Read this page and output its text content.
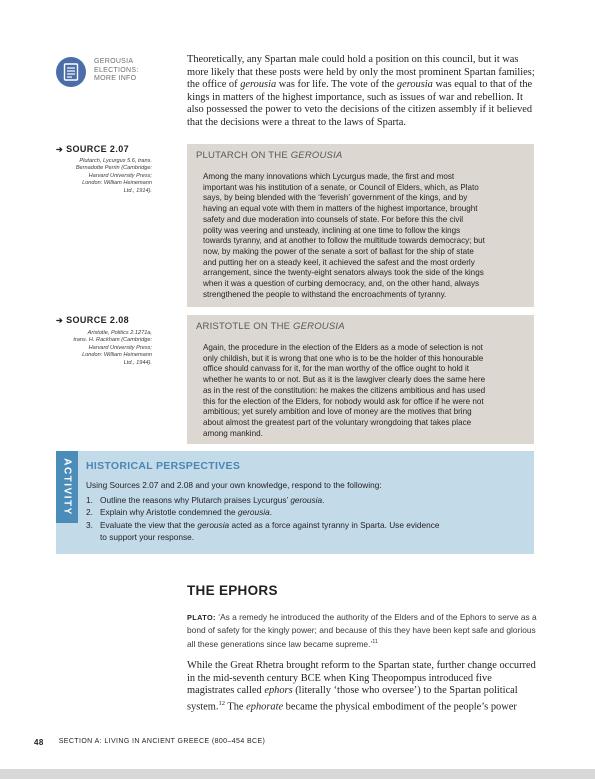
GEROUSIA
ELECTIONS:
MORE INFO
Theoretically, any Spartan male could hold a position on this council, but it was more likely that these posts were held by only the most prominent Spartan families; the office of gerousia was for life. The vote of the gerousia was equal to that of the kings in matters of the highest importance, such as issues of war and rebellion. It also possessed the power to veto the decisions of the citizen assembly if it believed that the decisions were a threat to the laws of Sparta.
➔ SOURCE 2.07
Plutarch, Lycurgus 5.6, trans.
Bernadotte Perrin (Cambridge:
Harvard University Press;
London: William Heinemann
Ltd., 1914).
PLUTARCH ON THE GEROUSIA
Among the many innovations which Lycurgus made, the first and most
important was his institution of a senate, or Council of Elders, which, as Plato
says, by being blended with the ‘feverish’ government of the kings, and by
having an equal vote with them in matters of the highest importance, brought
safety and due moderation into counsels of state. For before this the civil
polity was veering and unsteady, inclining at one time to follow the kings
towards tyranny, and at another to follow the multitude towards democracy; but
now, by making the power of the senate a sort of ballast for the ship of state
and putting her on a steady keel, it achieved the safest and the most orderly
arrangement, since the twenty-eight senators always took the side of the kings
when it was a question of curbing democracy, and, on the other hand, always
strengthened the people to withstand the encroachments of tyranny.
➔ SOURCE 2.08
Aristotle, Politics 2.1271a,
trans. H. Rackham (Cambridge:
Harvard University Press;
London: William Heinemann
Ltd., 1944).
ARISTOTLE ON THE GEROUSIA
Again, the procedure in the election of the Elders as a mode of selection is not
only childish, but it is wrong that one who is to be the holder of this honourable
office should canvass for it, for the man worthy of the office ought to hold it
whether he wants to or not. But as it is the lawgiver clearly does the same here
as in the rest of the constitution: he makes the citizens ambitious and has used
this for the election of the Elders, for nobody would ask for office if he were not
ambitious; yet surely ambition and love of money are the motives that bring
about almost the greatest part of the voluntary wrongdoing that takes place
among mankind.
ACTIVITY HISTORICAL PERSPECTIVES
Using Sources 2.07 and 2.08 and your own knowledge, respond to the following:
1. Outline the reasons why Plutarch praises Lycurgus’ gerousia.
2. Explain why Aristotle condemned the gerousia.
3. Evaluate the view that the gerousia acted as a force against tyranny in Sparta. Use evidence
to support your response.
THE EPHORS
PLATO: ‘As a remedy he introduced the authority of the Elders and of the Ephors to serve as a bond of safety for the kingly power; and because of this they have been kept safe and glorious all these generations since law became supreme.’$^{11}$
While the Great Rhetra brought reform to the Spartan state, further change occurred in the mid-seventh century BCE when King Theopompus introduced five magistrates called ephors (literally ‘those who oversee’) to the Spartan political system.$^{12}$ The ephorate became the physical embodiment of the people’s power
48 SECTION A: LIVING IN ANCIENT GREECE (800–454 BCE)
